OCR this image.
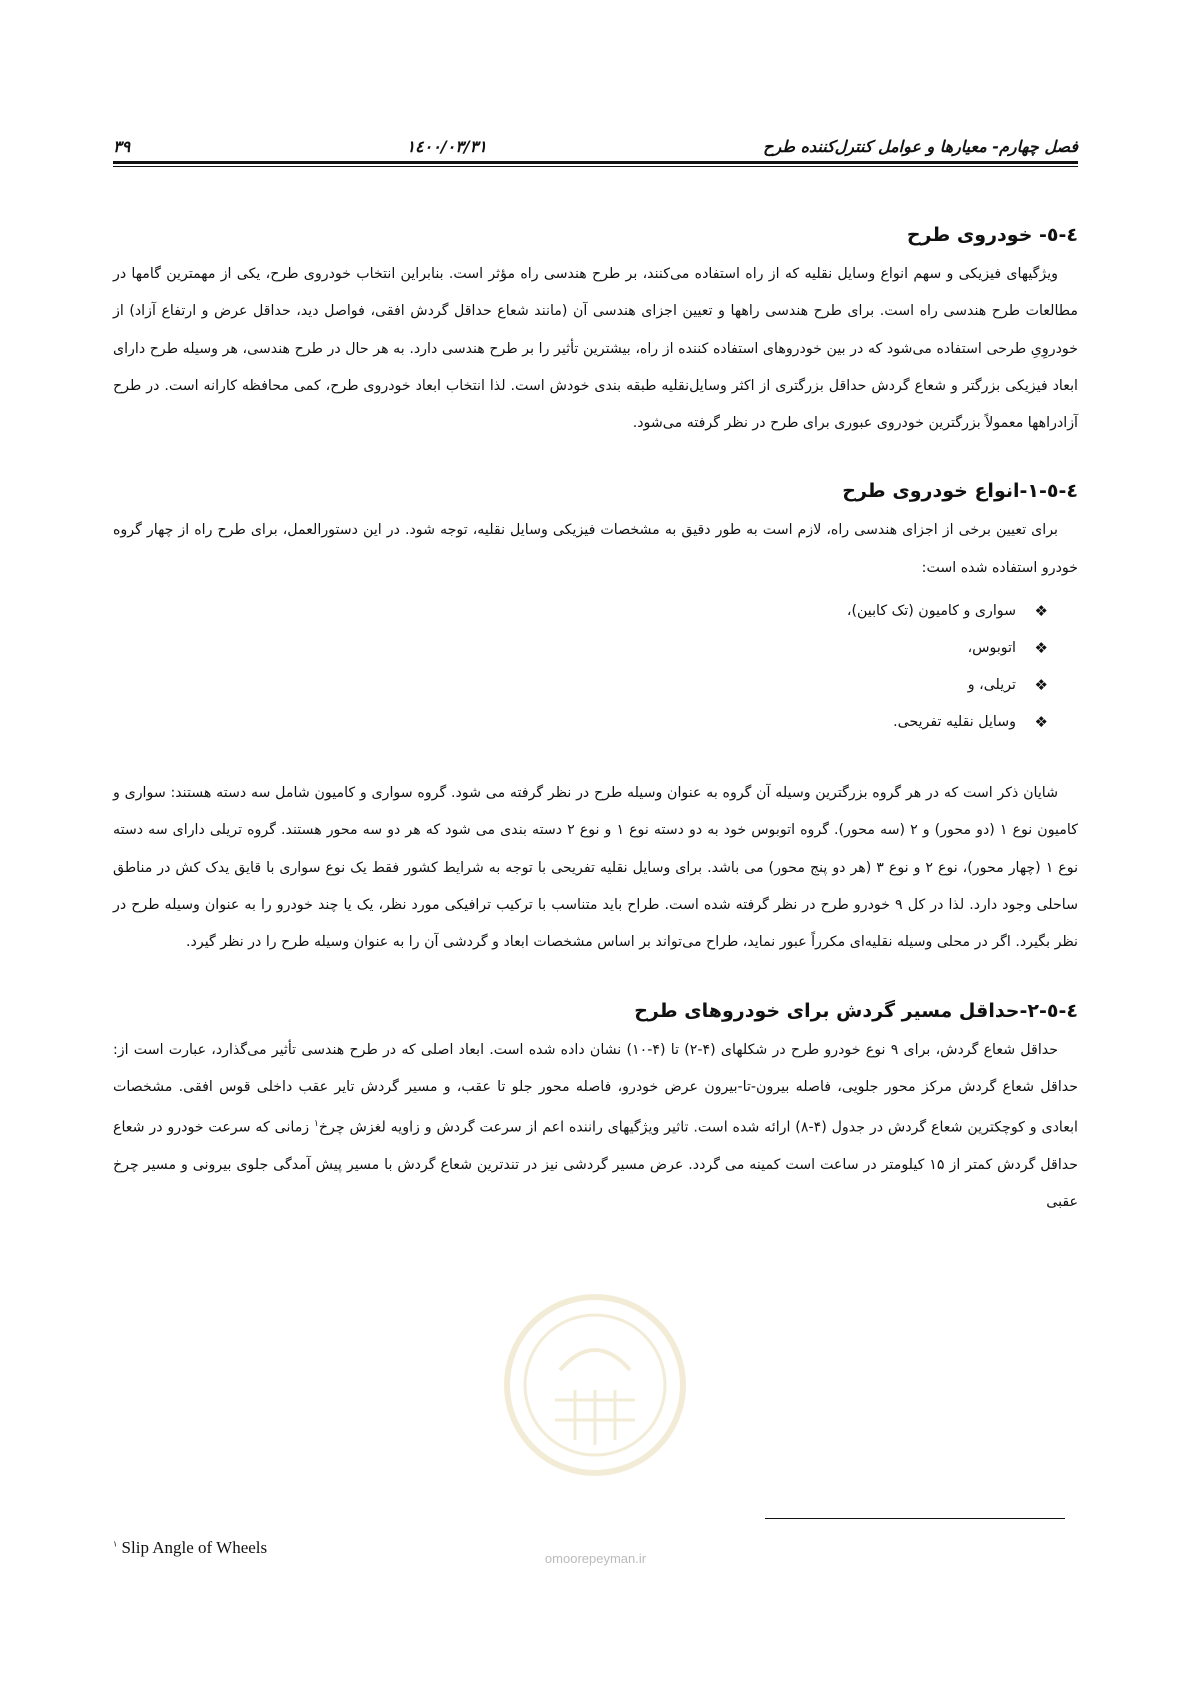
فصل چهارم- معیارها و عوامل کنترل‌کننده طرح
۱٤۰۰/۰۳/۳۱
۳۹
٤-٥- خودروی طرح

ویژگیهای فیزیکی و سهم انواع وسایل نقلیه که از راه استفاده می‌کنند، بر طرح هندسی راه مؤثر است. بنابراین انتخاب خودروی طرح، یکی از مهمترین گامها در مطالعات طرح هندسی راه است. برای طرح هندسی راهها و تعیین اجزای هندسی آن (مانند شعاع حداقل گردش افقی، فواصل دید، حداقل عرض و ارتفاع آزاد) از خودروِیِ طرحی استفاده می‌شود که در بین خودروهای استفاده کننده از راه، بیشترین تأثیر را بر طرح هندسی دارد. به هر حال در طرح هندسی، هر وسیله طرح دارای ابعاد فیزیکی بزرگتر و شعاع گردش حداقل بزرگتری از اکثر وسایل‌نقلیه طبقه بندی خودش است. لذا انتخاب ابعاد خودروی طرح، کمی محافظه کارانه است. در طرح آزادراهها معمولاً بزرگترین خودروی عبوری برای طرح در نظر گرفته می‌شود.

٤-٥-۱-انواع خودروی طرح

برای تعیین برخی از اجزای هندسی راه، لازم است به طور دقیق به مشخصات فیزیکی وسایل نقلیه، توجه شود. در این دستورالعمل، برای طرح راه از چهار گروه خودرو استفاده شده است:

❖
سواری و کامیون (تک کابین)،
❖
اتوبوس،
❖
تریلی، و
❖
وسایل نقلیه تفریحی.

شایان ذکر است که در هر گروه بزرگترین وسیله آن گروه به عنوان وسیله طرح در نظر گرفته می شود. گروه سواری و کامیون شامل سه دسته هستند: سواری و کامیون نوع ۱ (دو محور) و ۲ (سه محور). گروه اتوبوس خود به دو دسته نوع ۱ و نوع ۲ دسته بندی می شود که هر دو سه محور هستند. گروه تریلی دارای سه دسته نوع ۱ (چهار محور)، نوع ۲ و نوع ۳ (هر دو پنج محور) می باشد. برای وسایل نقلیه تفریحی با توجه به شرایط کشور فقط یک نوع سواری با قایق یدک کش در مناطق ساحلی وجود دارد. لذا در کل ۹ خودرو طرح در نظر گرفته شده است. طراح باید متناسب با ترکیب ترافیکی مورد نظر، یک یا چند خودرو را به عنوان وسیله طرح در نظر بگیرد. اگر در محلی وسیله نقلیه‌ای مکرراً عبور نماید، طراح می‌تواند بر اساس مشخصات ابعاد و گردشی آن را به عنوان وسیله طرح را در نظر گیرد.

٤-٥-۲-حداقل مسیر گردش برای خودروهای طرح

حداقل شعاع گردش، برای ۹ نوع خودرو طرح در شکلهای (۴-۲) تا (۴-۱۰) نشان داده شده است. ابعاد اصلی که در طرح هندسی تأثیر می‌گذارد، عبارت است از: حداقل شعاع گردش مرکز محور جلویی، فاصله بیرون-تا-بیرون عرض خودرو، فاصله محور جلو تا عقب، و مسیر گردش تایر عقب داخلی قوس افقی. مشخصات ابعادی و کوچکترین شعاع گردش در جدول (۴-۸) ارائه شده است. تاثیر ویژگیهای راننده اعم از سرعت گردش و زاویه لغزش چرخ$^۱$ زمانی که سرعت خودرو در شعاع حداقل گردش کمتر از ۱۵ کیلومتر در ساعت است کمینه می گردد. عرض مسیر گردشی نیز در تندترین شعاع گردش با مسیر پیش آمدگی جلوی بیرونی و مسیر چرخ عقبی

omoorepeyman.ir
$^۱$ Slip Angle of Wheels
